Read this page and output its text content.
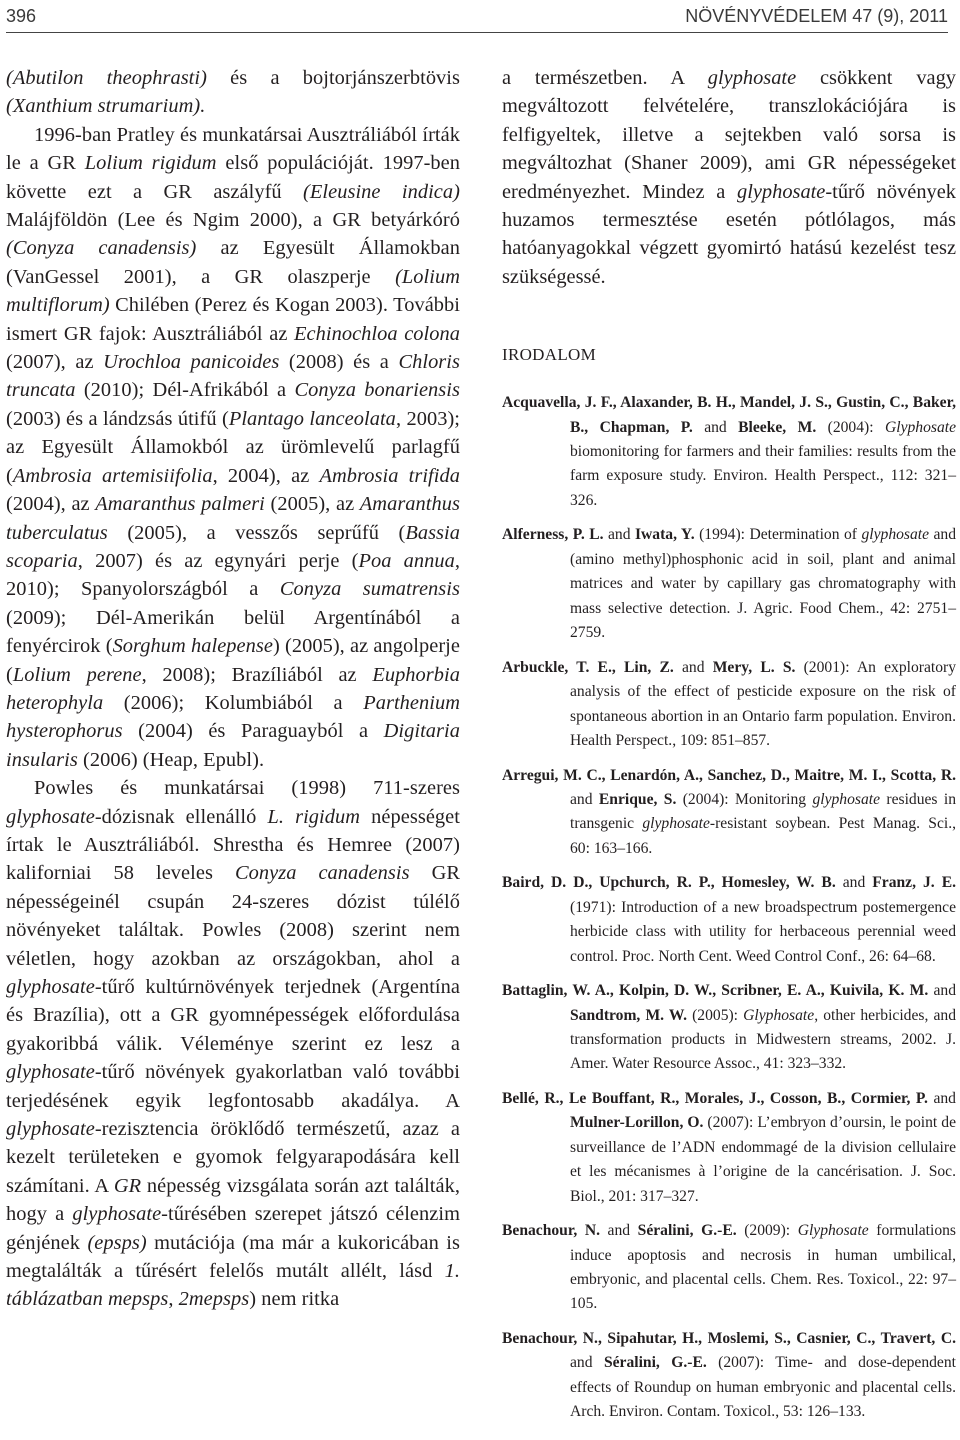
396	NÖVÉNYVÉDELEM 47 (9), 2011

(Abutilon theophrasti) és a bojtorjánszerbtövis (Xanthium strumarium).

1996-ban Pratley és munkatársai Ausztráliából írták le a GR Lolium rigidum első populációját. 1997-ben követte ezt a GR aszályfű (Eleusine indica) Malájföldön (Lee és Ngim 2000), a GR betyárkóró (Conyza canadensis) az Egyesült Államokban (VanGessel 2001), a GR olaszperje (Lolium multiflorum) Chilében (Perez és Kogan 2003). További ismert GR fajok: Ausztráliából az Echinochloa colona (2007), az Urochloa panicoides (2008) és a Chloris truncata (2010); Dél-Afrikából a Conyza bonariensis (2003) és a lándzsás útifű (Plantago lanceolata, 2003); az Egyesült Államokból az ürömlevelű parlagfű (Ambrosia artemisiifolia, 2004), az Ambrosia trifida (2004), az Amaranthus palmeri (2005), az Amaranthus tuberculatus (2005), a vesszős seprűfű (Bassia scoparia, 2007) és az egynyári perje (Poa annua, 2010); Spanyolországból a Conyza sumatrensis (2009); Dél-Amerikán belül Argentínából a fenyércirok (Sorghum halepense) (2005), az angolperje (Lolium perene, 2008); Brazíliából az Euphorbia heterophyla (2006); Kolumbiából a Parthenium hysterophorus (2004) és Paraguayból a Digitaria insularis (2006) (Heap, Epubl).

Powles és munkatársai (1998) 711-szeres glyphosate-dózisnak ellenálló L. rigidum népességet írtak le Ausztráliából. Shrestha és Hemree (2007) kaliforniai 58 leveles Conyza canadensis GR népességeinél csupán 24-szeres dózist túlélő növényeket találtak. Powles (2008) szerint nem véletlen, hogy azokban az országokban, ahol a glyphosate-tűrő kultúrnövények terjednek (Argentína és Brazília), ott a GR gyomnépességek előfordulása gyakoribbá válik. Véleménye szerint ez lesz a glyphosate-tűrő növények gyakorlatban való további terjedésének egyik legfontosabb akadálya. A glyphosate-rezisztencia öröklődő természetű, azaz a kezelt területeken e gyomok felgyarapodására kell számítani. A GR népesség vizsgálata során azt találták, hogy a glyphosate-tűrésében szerepet játszó célenzim génjének (epsps) mutációja (ma már a kukoricában is megtalálták a tűrésért felelős mutált allélt, lásd 1. táblázatban mepsps, 2mepsps) nem ritka

a természetben. A glyphosate csökkent vagy megváltozott felvételére, transzlokációjára is felfigyeltek, illetve a sejtekben való sorsa is megváltozhat (Shaner 2009), ami GR népességeket eredményezhet. Mindez a glyphosate-tűrő növények huzamos termesztése esetén pótlólagos, más hatóanyagokkal végzett gyomirtó hatású kezelést tesz szükségessé.

IRODALOM

Acquavella, J. F., Alaxander, B. H., Mandel, J. S., Gustin, C., Baker, B., Chapman, P. and Bleeke, M. (2004): Glyphosate biomonitoring for farmers and their families: results from the farm exposure study. Environ. Health Perspect., 112: 321–326.

Alferness, P. L. and Iwata, Y. (1994): Determination of glyphosate and (amino methyl)phosphonic acid in soil, plant and animal matrices and water by capillary gas chromatography with mass selective detection. J. Agric. Food Chem., 42: 2751–2759.

Arbuckle, T. E., Lin, Z. and Mery, L. S. (2001): An exploratory analysis of the effect of pesticide exposure on the risk of spontaneous abortion in an Ontario farm population. Environ. Health Perspect., 109: 851–857.

Arregui, M. C., Lenardón, A., Sanchez, D., Maitre, M. I., Scotta, R. and Enrique, S. (2004): Monitoring glyphosate residues in transgenic glyphosate-resistant soybean. Pest Manag. Sci., 60: 163–166.

Baird, D. D., Upchurch, R. P., Homesley, W. B. and Franz, J. E. (1971): Introduction of a new broadspectrum postemergence herbicide class with utility for herbaceous perennial weed control. Proc. North Cent. Weed Control Conf., 26: 64–68.

Battaglin, W. A., Kolpin, D. W., Scribner, E. A., Kuivila, K. M. and Sandtrom, M. W. (2005): Glyphosate, other herbicides, and transformation products in Midwestern streams, 2002. J. Amer. Water Resource Assoc., 41: 323–332.

Bellé, R., Le Bouffant, R., Morales, J., Cosson, B., Cormier, P. and Mulner-Lorillon, O. (2007): L’embryon d’oursin, le point de surveillance de l’ADN endommagé de la division cellulaire et les mécanismes à l’origine de la cancérisation. J. Soc. Biol., 201: 317–327.

Benachour, N. and Séralini, G.-E. (2009): Glyphosate formulations induce apoptosis and necrosis in human umbilical, embryonic, and placental cells. Chem. Res. Toxicol., 22: 97–105.

Benachour, N., Sipahutar, H., Moslemi, S., Casnier, C., Travert, C. and Séralini, G.-E. (2007): Time- and dose-dependent effects of Roundup on human embryonic and placental cells. Arch. Environ. Contam. Toxicol., 53: 126–133.
